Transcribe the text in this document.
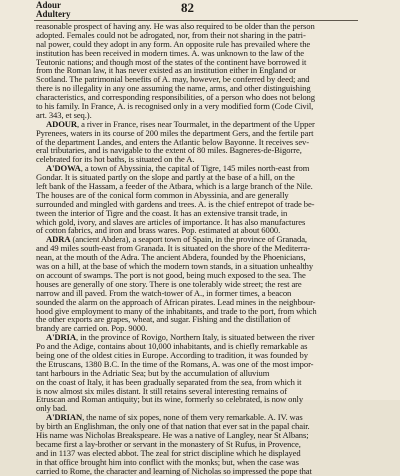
Adour
Adultery	82
reasonable prospect of having any. He was also required to be older than the person
adopted. Females could not be adrogated, nor, from their not sharing in the patri-
nal power, could they adopt in any form. An opposite rule has prevailed where the
institution has been received in modern times. A. was unknown to the law of the
Teutonic nations; and though most of the states of the continent have borrowed it
from the Roman law, it has never existed as an institution either in England or
Scotland. The patrimonial benefits of A. may, however, be conferred by deed; and
there is no illegality in any one assuming the name, arms, and other distinguishing
characteristics, and corresponding responsibilities, of a person who does not belong
to his family. In France, A. is recognised only in a very modified form (Code Civil,
art. 343, et seq.).
ADOUR, a river in France, rises near Tourmalet, in the department of the Upper
Pyrenees, waters in its course of 200 miles the department Gers, and the fertile part
of the department Landes, and enters the Atlantic below Bayonne. It receives sev-
eral tributaries, and is navigable to the extent of 80 miles. Bagneres-de-Bigorre,
celebrated for its hot baths, is situated on the A.
A'DOWA, a town of Abyssinia, the capital of Tigre, 145 miles north-east from
Gondar. It is situated partly on the slope and partly at the base of a hill, on the
left bank of the Hassam, a feeder of the Atbara, which is a large branch of the Nile.
The houses are of the conical form common in Abyssinia, and are generally
surrounded and mingled with gardens and trees. A. is the chief entrepot of trade be-
tween the interior of Tigre and the coast. It has an extensive transit trade, in
which gold, ivory, and slaves are articles of importance. It has also manufactures
of cotton fabrics, and iron and brass wares. Pop. estimated at about 6000.
ADRA (ancient Abdera), a seaport town of Spain, in the province of Granada,
and 49 miles south-east from Granada. It is situated on the shore of the Mediterra-
nean, at the mouth of the Adra. The ancient Abdera, founded by the Phoenicians,
was on a hill, at the base of which the modern town stands, in a situation unhealthy
on account of swamps. The port is not good, being much exposed to the sea. The
houses are generally of one story. There is one tolerably wide street; the rest are
narrow and ill paved. From the watch-tower of A., in former times, a beacon
sounded the alarm on the approach of African pirates. Lead mines in the neighbour-
hood give employment to many of the inhabitants, and trade to the port, from which
the other exports are grapes, wheat, and sugar. Fishing and the distillation of
brandy are carried on. Pop. 9000.
A'DRIA, in the province of Rovigo, Northern Italy, is situated between the river
Po and the Adige, contains about 10,000 inhabitants, and is chiefly remarkable as
being one of the oldest cities in Europe. According to tradition, it was founded by
the Etruscans, 1380 B.C. In the time of the Romans, A. was one of the most impor-
tant harbours in the Adriatic Sea; but by the accumulation of alluvium
on the coast of Italy, it has been gradually separated from the sea, from which it
is now almost six miles distant. It still retains several interesting remains of
Etruscan and Roman antiquity; but its wine, formerly so celebrated, is now only
only bad.
A'DRIAN, the name of six popes, none of them very remarkable. A. IV. was
by birth an Englishman, the only one of that nation that ever sat in the papal chair.
His name was Nicholas Breakspeare. He was a native of Langley, near St Albans;
became first a lay-brother or servant in the monastery of St Rufus, in Provence,
and in 1137 was elected abbot. The zeal for strict discipline which he displayed
in that office brought him into conflict with the monks; but, when the case was
carried to Rome, the character and learning of Nicholas so impressed the pope that
